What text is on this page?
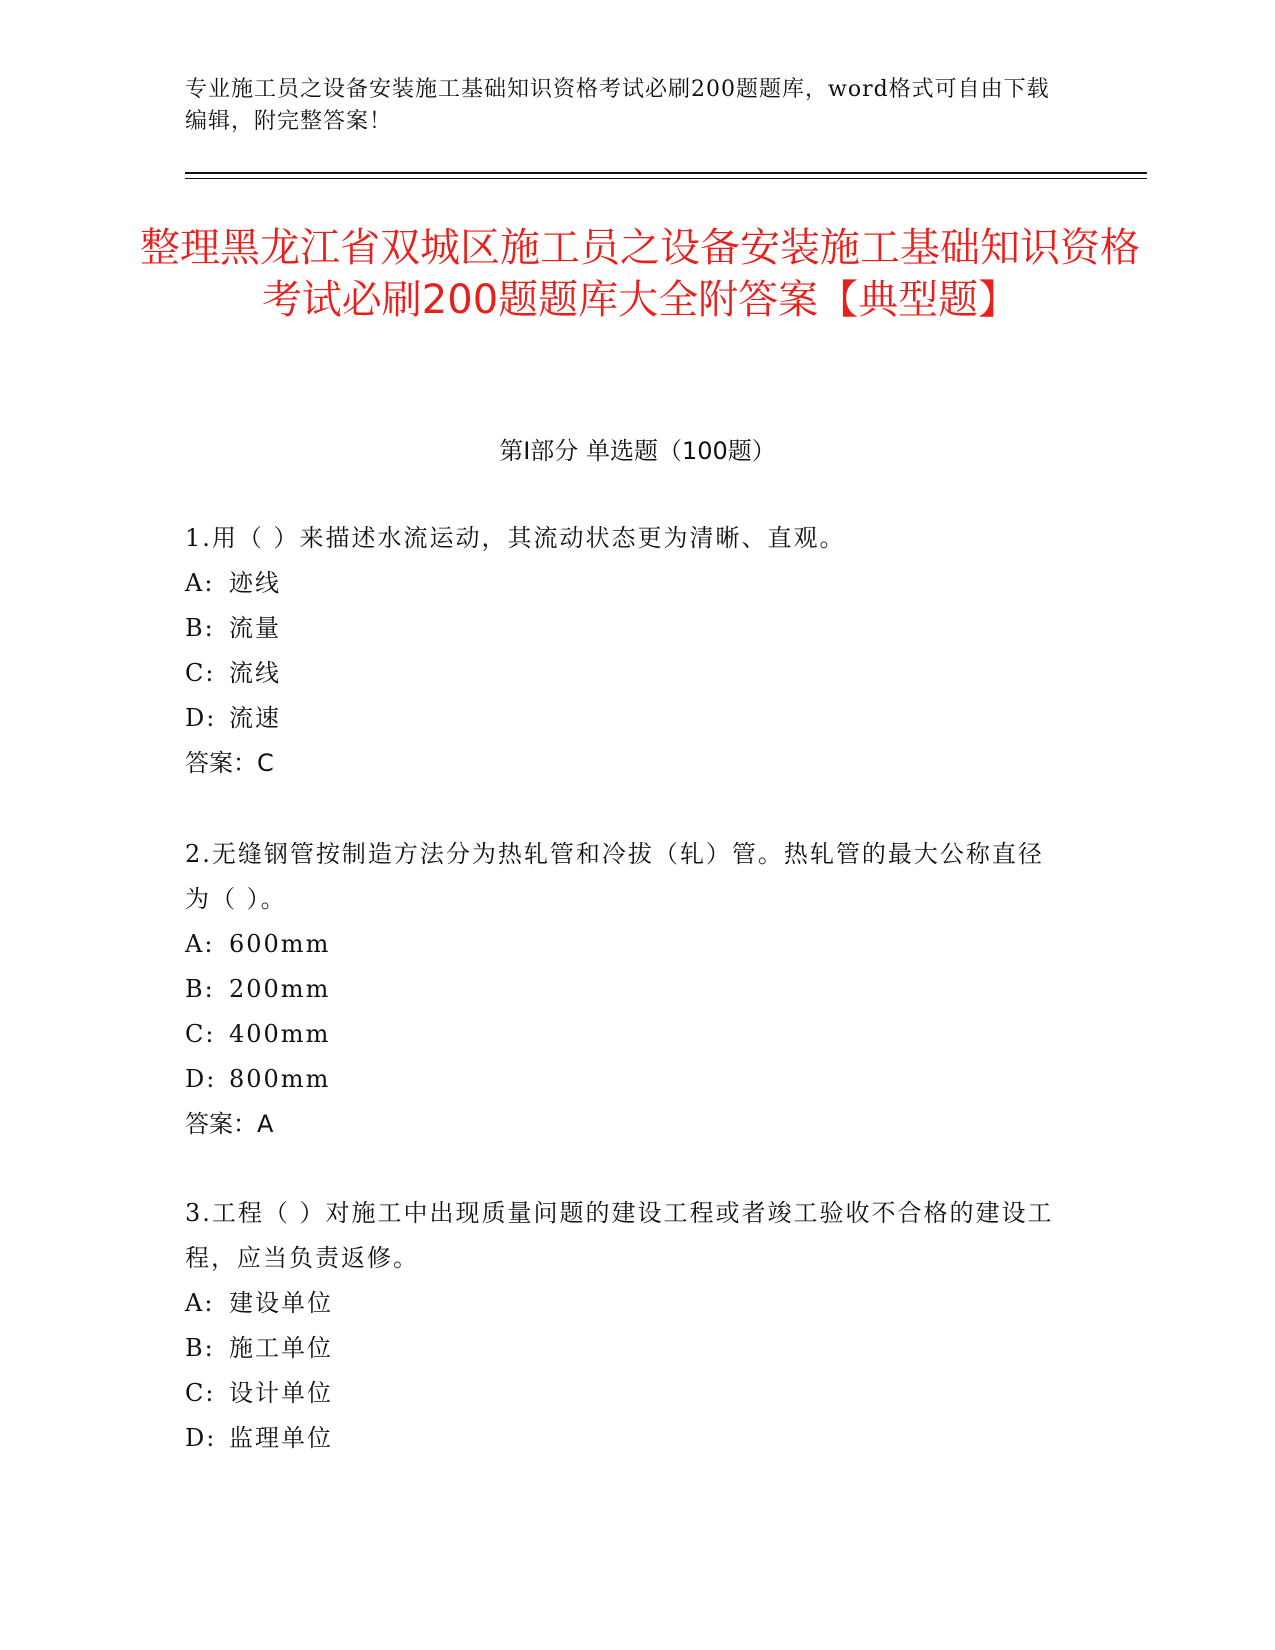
专业施工员之设备安装施工基础知识资格考试必刷200题题库，word格式可自由下载编辑，附完整答案！
整理黑龙江省双城区施工员之设备安装施工基础知识资格考试必刷200题题库大全附答案【典型题】
第Ⅰ部分 单选题（100题）

1.用（ ）来描述水流运动，其流动状态更为清晰、直观。

A: 迹线
B: 流量
C: 流线
D: 流速

答案：C

2.无缝钢管按制造方法分为热轧管和冷拔（轧）管。热轧管的最大公称直径为（ ）。

A: 600mm
B: 200mm
C: 400mm
D: 800mm

答案：A

3.工程（ ）对施工中出现质量问题的建设工程或者竣工验收不合格的建设工程，应当负责返修。

A: 建设单位
B: 施工单位
C: 设计单位
D: 监理单位
